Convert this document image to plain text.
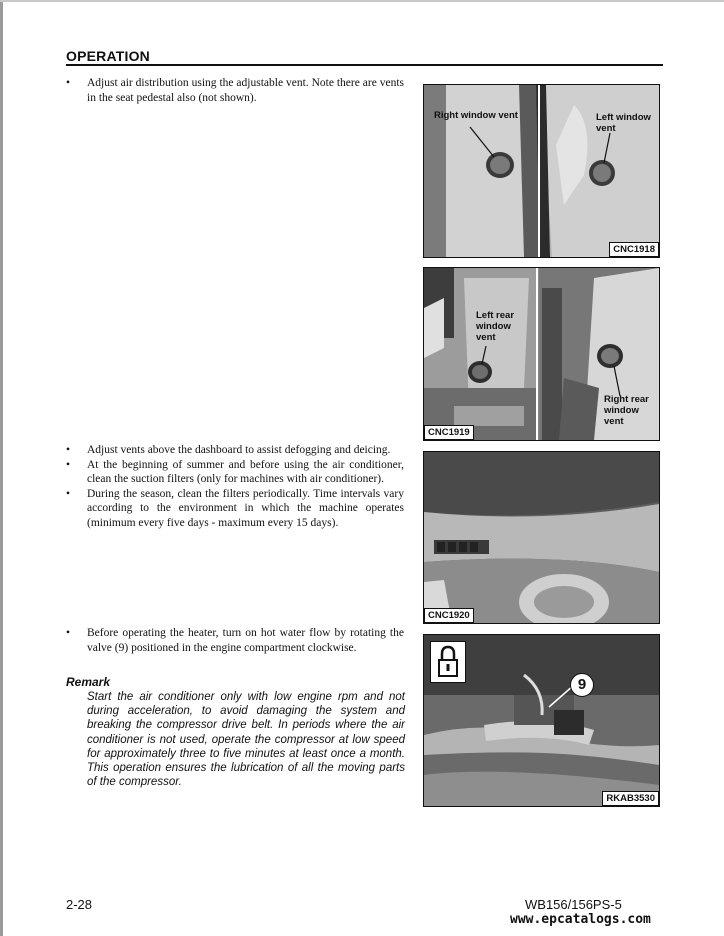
OPERATION
• Adjust air distribution using the adjustable vent. Note there are vents in the seat pedestal also (not shown).
• Adjust vents above the dashboard to assist defogging and deicing.
• At the beginning of summer and before using the air conditioner, clean the suction filters (only for machines with air conditioner).
• During the season, clean the filters periodically. Time intervals vary according to the environment in which the machine operates (minimum every five days - maximum every 15 days).
• Before operating the heater, turn on hot water flow by rotating the valve (9) positioned in the engine compartment clockwise.
Remark
Start the air conditioner only with low engine rpm and not during acceleration, to avoid damaging the system and breaking the compressor drive belt. In periods where the air conditioner is not used, operate the compressor at low speed for approximately three to five minutes at least once a month. This operation ensures the lubrication of all the moving parts of the compressor.
Right window vent	Left window vent
CNC1918
Left rear window vent
Right rear window vent
CNC1919
CNC1920
9
RKAB3530
2-28	WB156/156PS-5
www.epcatalogs.com
